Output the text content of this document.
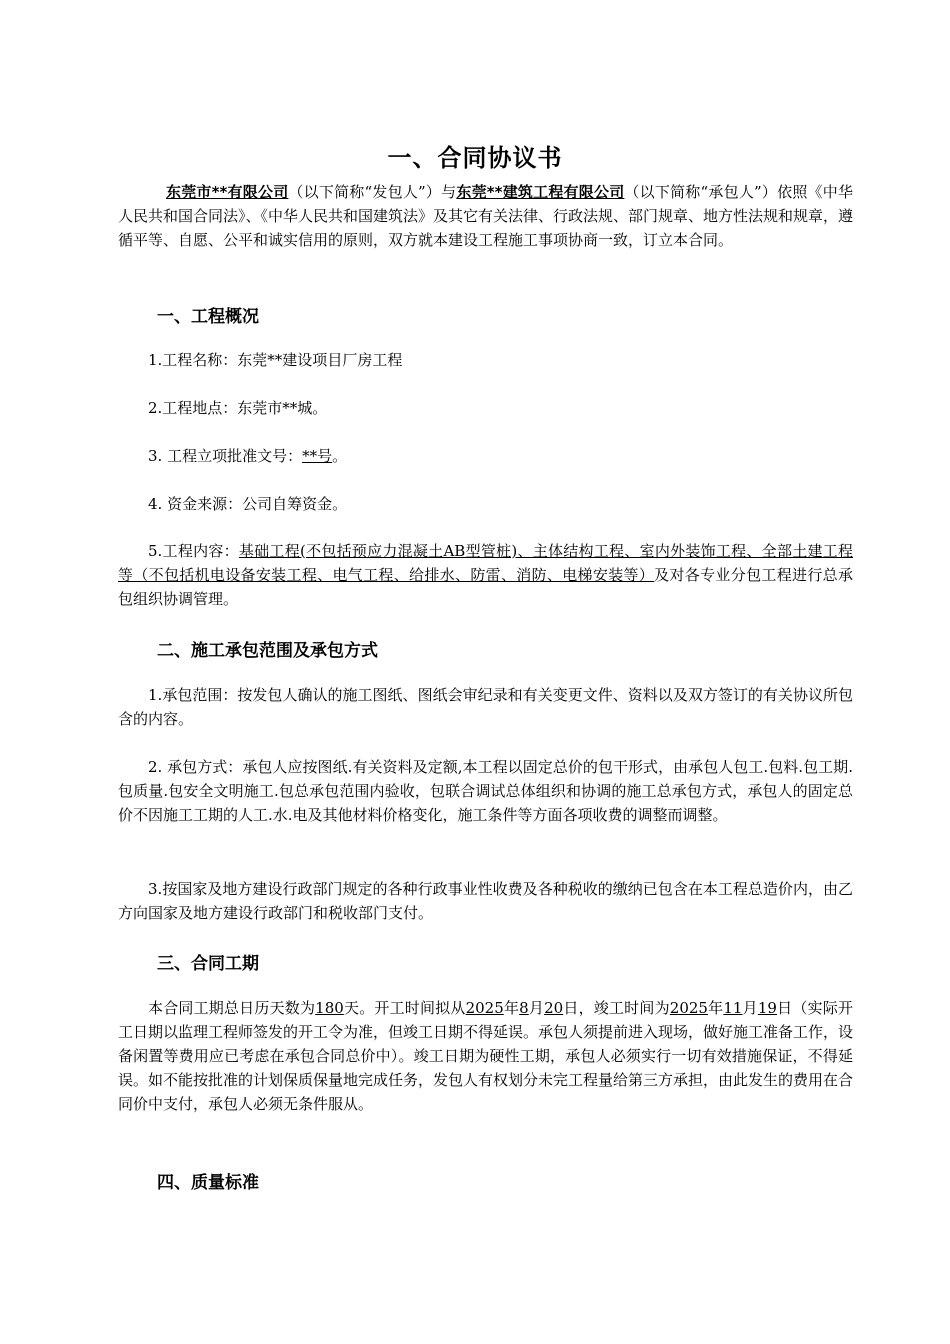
一、合同协议书

东莞市**有限公司（以下简称“发包人”）与东莞**建筑工程有限公司（以下简称“承包人”）依照《中华人民共和国合同法》、《中华人民共和国建筑法》及其它有关法律、行政法规、部门规章、地方性法规和规章，遵循平等、自愿、公平和诚实信用的原则，双方就本建设工程施工事项协商一致，订立本合同。

一、工程概况

1.工程名称：东莞**建设项目厂房工程

2.工程地点：东莞市**城。

3. 工程立项批准文号：**号。

4. 资金来源：公司自筹资金。

5.工程内容：基础工程(不包括预应力混凝土AB型管桩)、主体结构工程、室内外装饰工程、全部土建工程等（不包括机电设备安装工程、电气工程、给排水、防雷、消防、电梯安装等）及对各专业分包工程进行总承包组织协调管理。

二、施工承包范围及承包方式

1.承包范围：按发包人确认的施工图纸、图纸会审纪录和有关变更文件、资料以及双方签订的有关协议所包含的内容。

2. 承包方式：承包人应按图纸.有关资料及定额,本工程以固定总价的包干形式，由承包人包工.包料.包工期.包质量.包安全文明施工.包总承包范围内验收，包联合调试总体组织和协调的施工总承包方式，承包人的固定总价不因施工工期的人工.水.电及其他材料价格变化，施工条件等方面各项收费的调整而调整。

3.按国家及地方建设行政部门规定的各种行政事业性收费及各种税收的缴纳已包含在本工程总造价内，由乙方向国家及地方建设行政部门和税收部门支付。

三、合同工期

本合同工期总日历天数为180天。开工时间拟从2025年8月20日，竣工时间为2025年11月19日（实际开工日期以监理工程师签发的开工令为准，但竣工日期不得延误。承包人须提前进入现场，做好施工准备工作，设备闲置等费用应已考虑在承包合同总价中）。竣工日期为硬性工期，承包人必须实行一切有效措施保证，不得延误。如不能按批准的计划保质保量地完成任务，发包人有权划分未完工程量给第三方承担，由此发生的费用在合同价中支付，承包人必须无条件服从。

四、质量标准
